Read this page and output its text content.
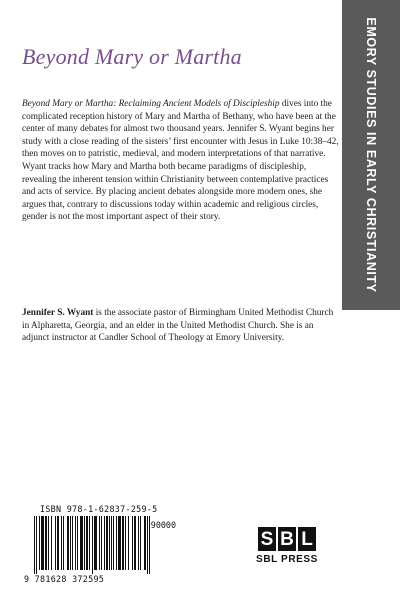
Beyond Mary or Martha

Beyond Mary or Martha: Reclaiming Ancient Models of Discipleship dives into the complicated reception history of Mary and Martha of Bethany, who have been at the center of many debates for almost two thousand years. Jennifer S. Wyant begins her study with a close reading of the sisters’ first encounter with Jesus in Luke 10:38–42, then moves on to patristic, medieval, and modern interpretations of that narrative. Wyant tracks how Mary and Martha both became paradigms of discipleship, revealing the inherent tension within Christianity between contemplative practices and acts of service. By placing ancient debates alongside more modern ones, she argues that, contrary to discussions today within academic and religious circles, gender is not the most important aspect of their story.

Jennifer S. Wyant is the associate pastor of Birmingham United Methodist Church in Alpharetta, Georgia, and an elder in the United Methodist Church. She is an adjunct instructor at Candler School of Theology at Emory University.

ISBN 978-1-62837-259-5

90000

9 781628 372595

S B L
SBL PRESS
EMORY STUDIES IN EARLY CHRISTIANITY
